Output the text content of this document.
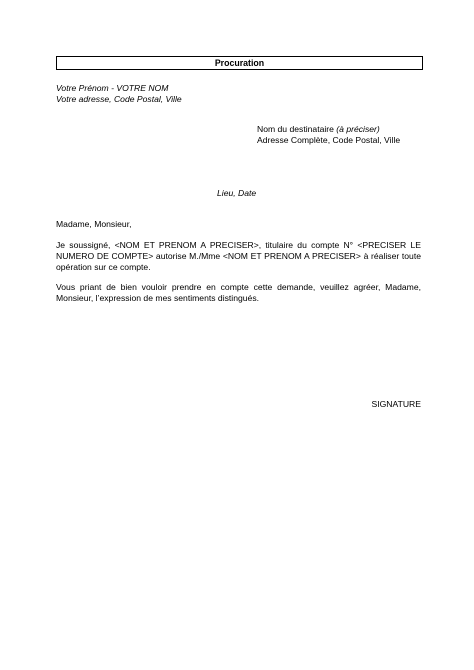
Procuration
Votre Prénom - VOTRE NOM
Votre adresse, Code Postal, Ville
Nom du destinataire (à préciser)
Adresse Complète, Code Postal, Ville
Lieu, Date
Madame, Monsieur,
Je soussigné, <NOM ET PRENOM A PRECISER>, titulaire du compte N° <PRECISER LE NUMERO DE COMPTE> autorise M./Mme <NOM ET PRENOM A PRECISER> à réaliser toute opération sur ce compte.
Vous priant de bien vouloir prendre en compte cette demande, veuillez agréer, Madame, Monsieur, l’expression de mes sentiments distingués.
SIGNATURE
